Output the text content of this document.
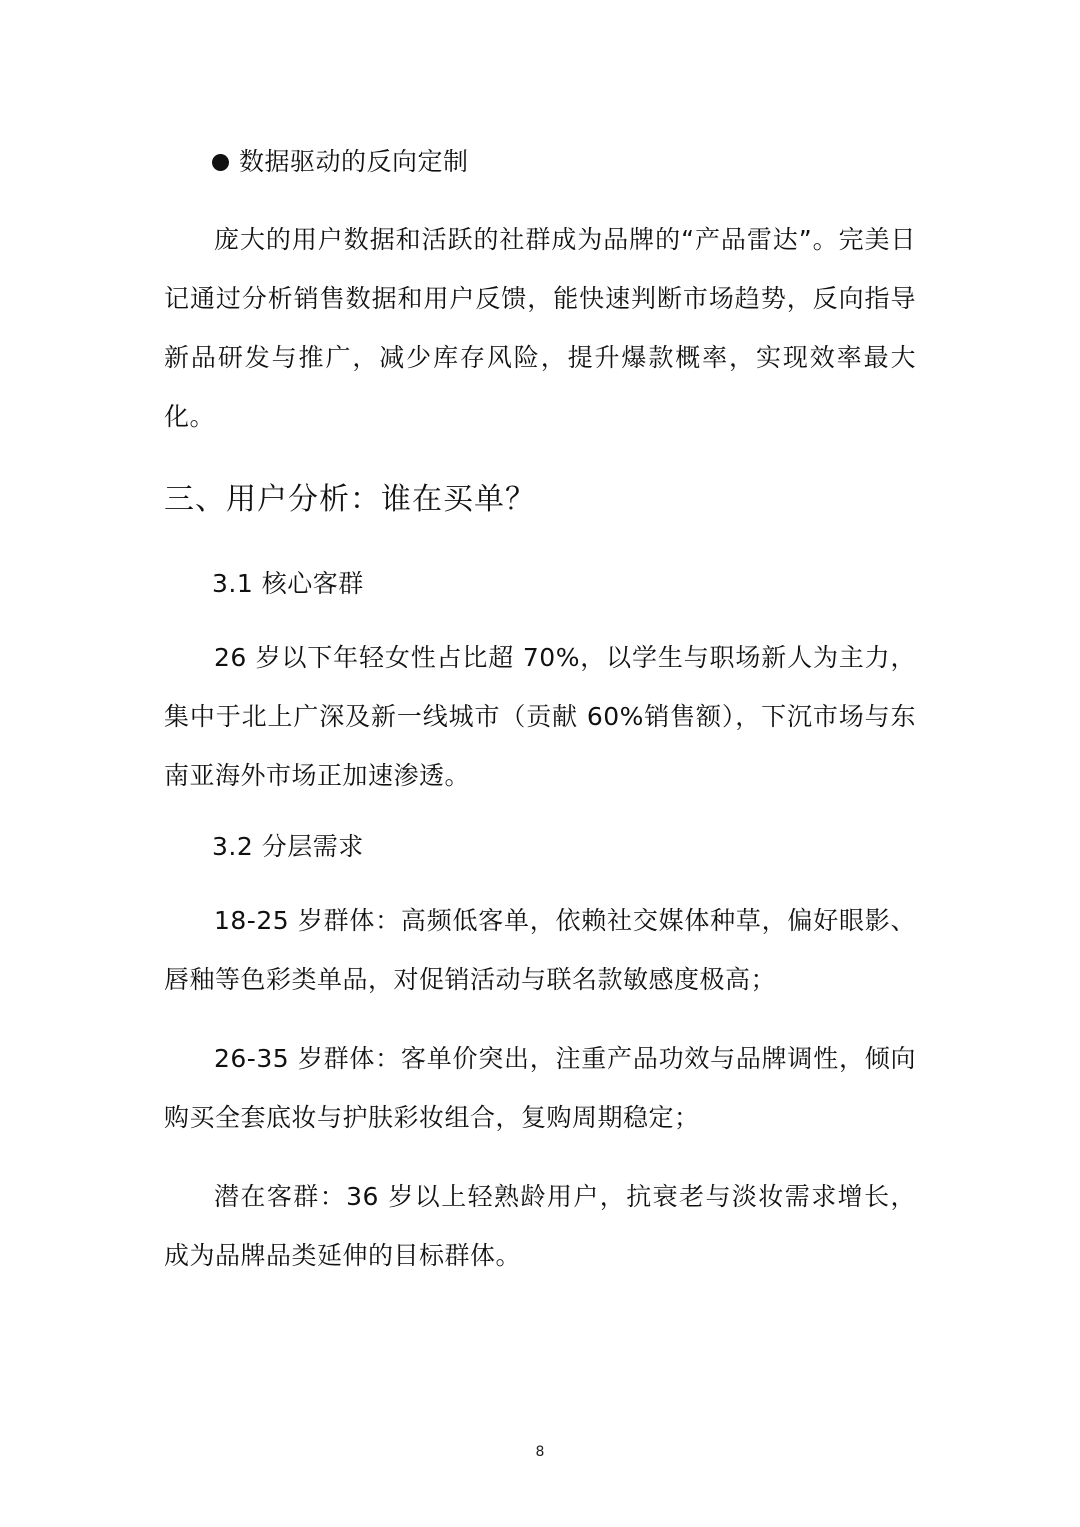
数据驱动的反向定制

庞大的用户数据和活跃的社群成为品牌的“产品雷达”。完美日记通过分析销售数据和用户反馈，能快速判断市场趋势，反向指导新品研发与推广，减少库存风险，提升爆款概率，实现效率最大化。

三、用户分析：谁在买单？
3.1 核心客群

26 岁以下年轻女性占比超 70%，以学生与职场新人为主力，集中于北上广深及新一线城市（贡献 60%销售额），下沉市场与东南亚海外市场正加速渗透。

3.2 分层需求

18-25 岁群体：高频低客单，依赖社交媒体种草，偏好眼影、唇釉等色彩类单品，对促销活动与联名款敏感度极高；

26-35 岁群体：客单价突出，注重产品功效与品牌调性，倾向购买全套底妆与护肤彩妆组合，复购周期稳定；

潜在客群：36 岁以上轻熟龄用户，抗衰老与淡妆需求增长，成为品牌品类延伸的目标群体。

8
